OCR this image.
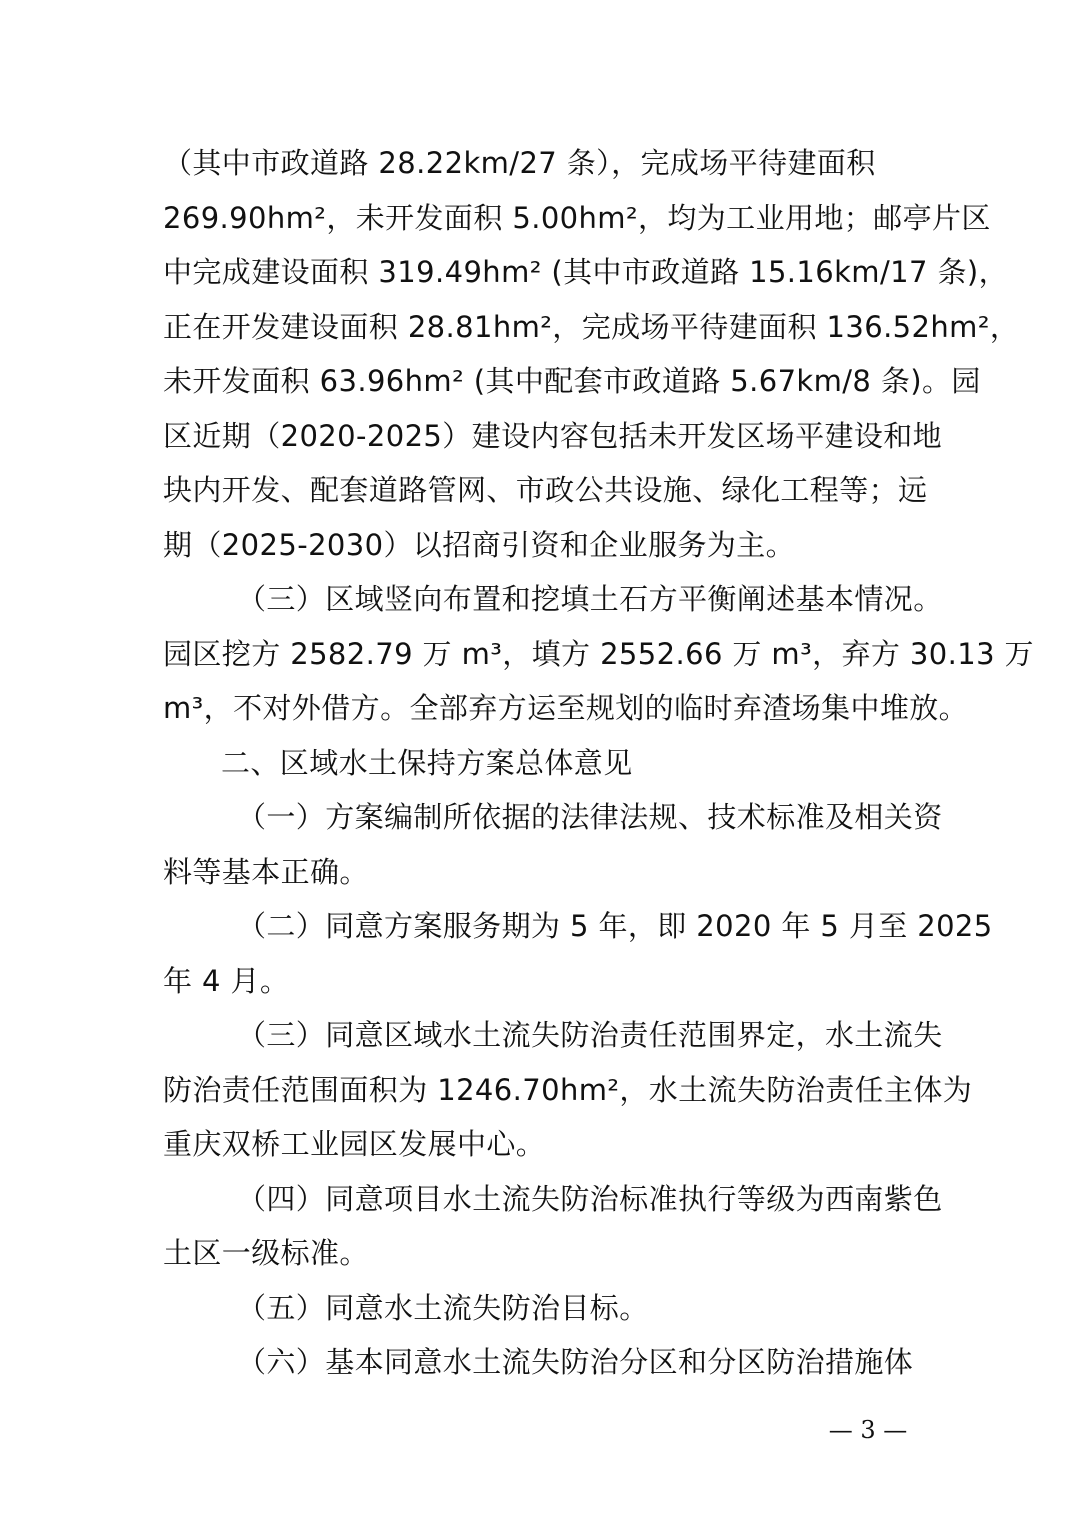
（其中市政道路 28.22km/27 条），完成场平待建面积
269.90hm²，未开发面积 5.00hm²，均为工业用地；邮亭片区
中完成建设面积 319.49hm² (其中市政道路 15.16km/17 条)，
正在开发建设面积 28.81hm²，完成场平待建面积 136.52hm²，
未开发面积 63.96hm² (其中配套市政道路 5.67km/8 条)。园
区近期（2020-2025）建设内容包括未开发区场平建设和地
块内开发、配套道路管网、市政公共设施、绿化工程等；远
期（2025-2030）以招商引资和企业服务为主。
（三）区域竖向布置和挖填土石方平衡阐述基本情况。
园区挖方 2582.79 万 m³，填方 2552.66 万 m³，弃方 30.13 万
m³，不对外借方。全部弃方运至规划的临时弃渣场集中堆放。
二、区域水土保持方案总体意见
（一）方案编制所依据的法律法规、技术标准及相关资
料等基本正确。
（二）同意方案服务期为 5 年，即 2020 年 5 月至 2025
年 4 月。
（三）同意区域水土流失防治责任范围界定，水土流失
防治责任范围面积为 1246.70hm²，水土流失防治责任主体为
重庆双桥工业园区发展中心。
（四）同意项目水土流失防治标准执行等级为西南紫色
土区一级标准。
（五）同意水土流失防治目标。
（六）基本同意水土流失防治分区和分区防治措施体
— 3 —
